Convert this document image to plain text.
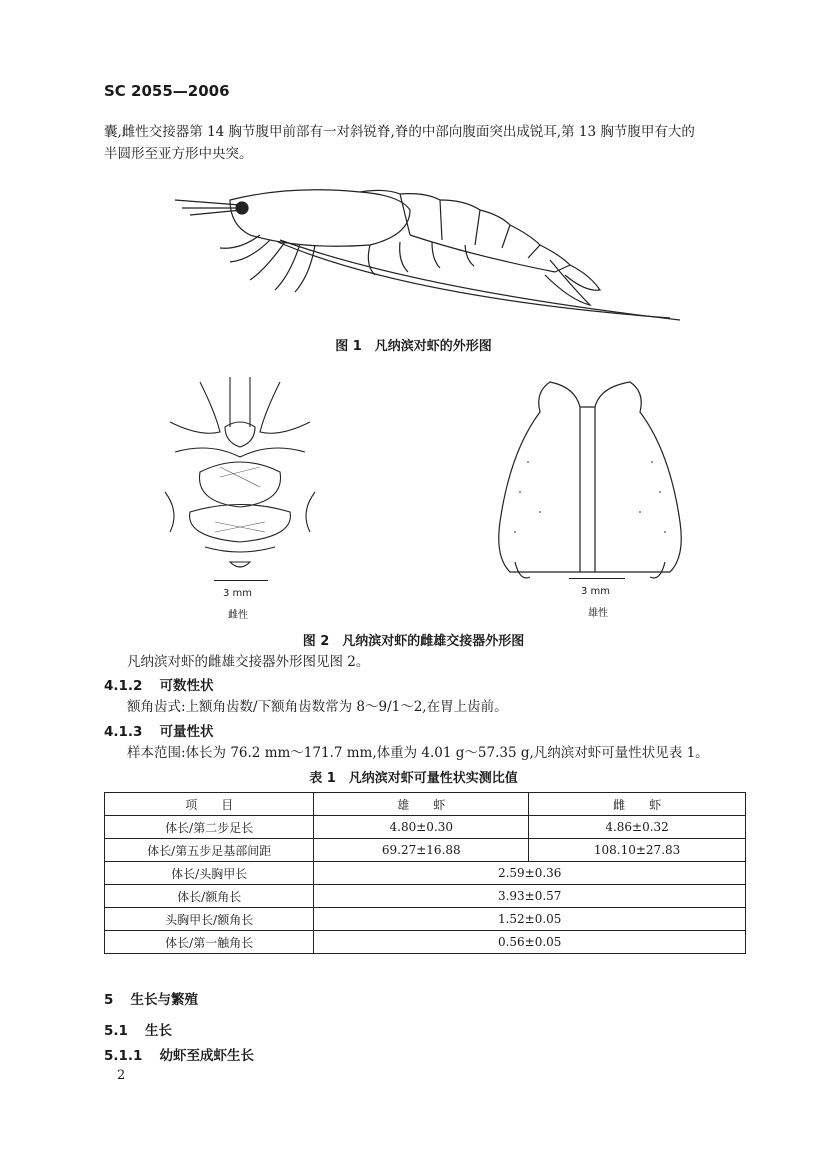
SC 2055—2006
囊,雌性交接器第 14 胸节腹甲前部有一对斜锐脊,脊的中部向腹面突出成锐耳,第 13 胸节腹甲有大的
半圆形至亚方形中央突。
图 1　凡纳滨对虾的外形图
3 mm
雌性
3 mm
雄性
图 2　凡纳滨对虾的雌雄交接器外形图
凡纳滨对虾的雌雄交接器外形图见图 2。
4.1.2 可数性状
额角齿式:上额角齿数/下额角齿数常为 8～9/1～2,在胃上齿前。
4.1.3 可量性状
样本范围:体长为 76.2 mm～171.7 mm,体重为 4.01 g～57.35 g,凡纳滨对虾可量性状见表 1。
表 1　凡纳滨对虾可量性状实测比值
项　　目	雄　　虾	雌　　虾
体长/第二步足长	4.80±0.30	4.86±0.32
体长/第五步足基部间距	69.27±16.88	108.10±27.83
体长/头胸甲长	2.59±0.36	
体长/额角长	3.93±0.57	
头胸甲长/额角长	1.52±0.05	
体长/第一触角长	0.56±0.05	
5 生长与繁殖
5.1 生长
5.1.1 幼虾至成虾生长
2
